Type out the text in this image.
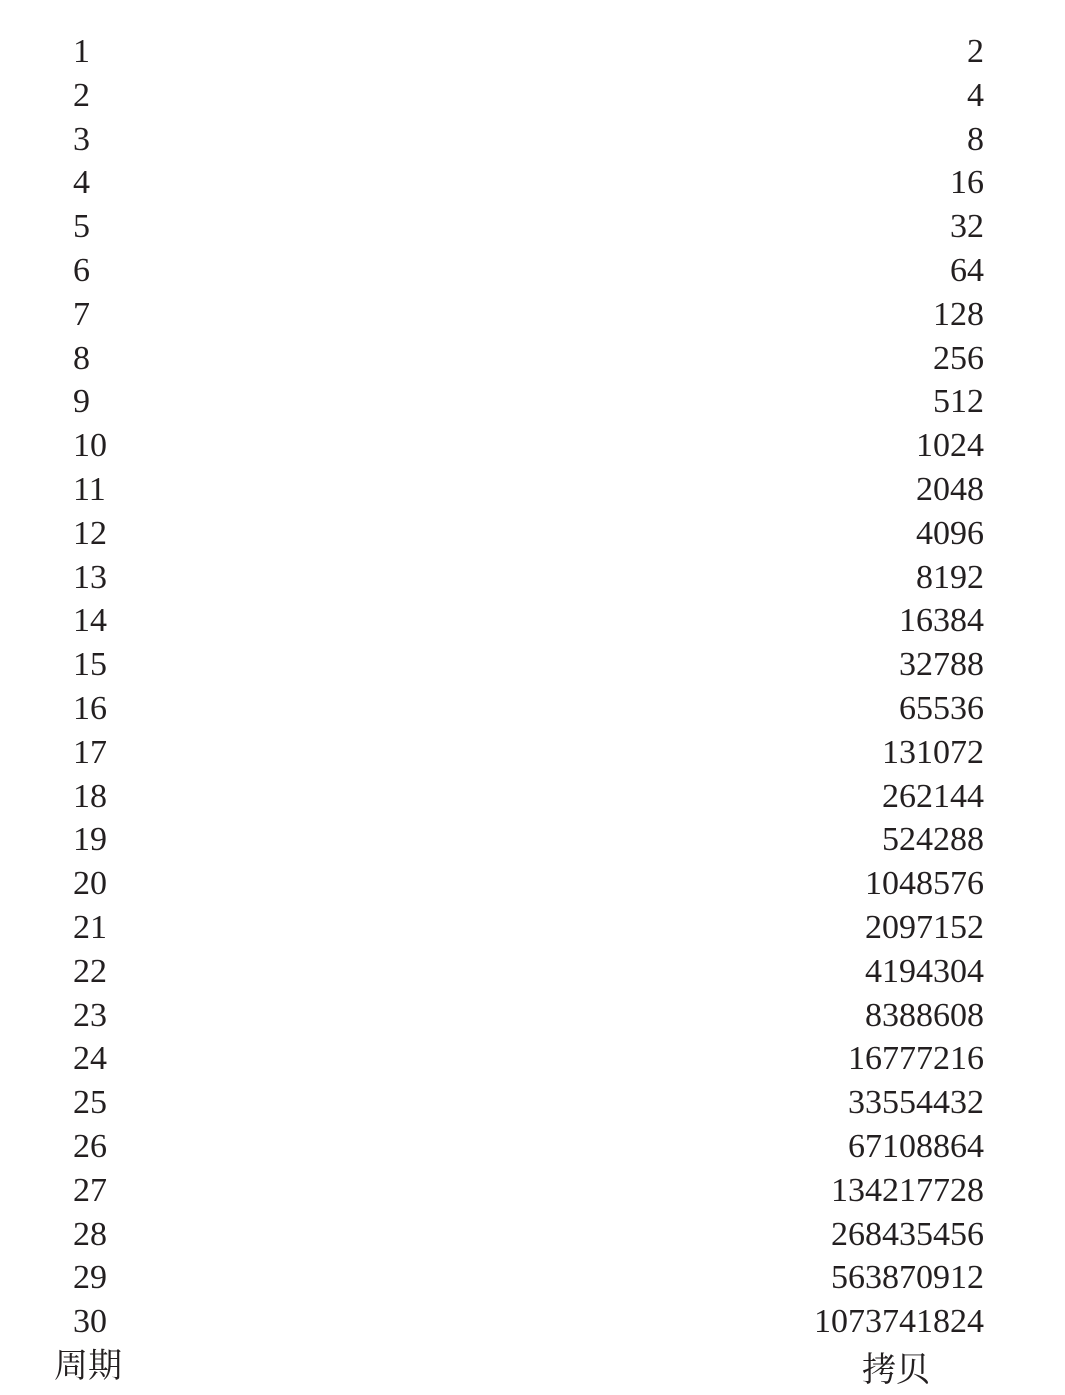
1	2
2	4
3	8
4	16
5	32
6	64
7	128
8	256
9	512
10	1024
11	2048
12	4096
13	8192
14	16384
15	32788
16	65536
17	131072
18	262144
19	524288
20	1048576
21	2097152
22	4194304
23	8388608
24	16777216
25	33554432
26	67108864
27	134217728
28	268435456
29	563870912
30	1073741824
周期	拷贝
